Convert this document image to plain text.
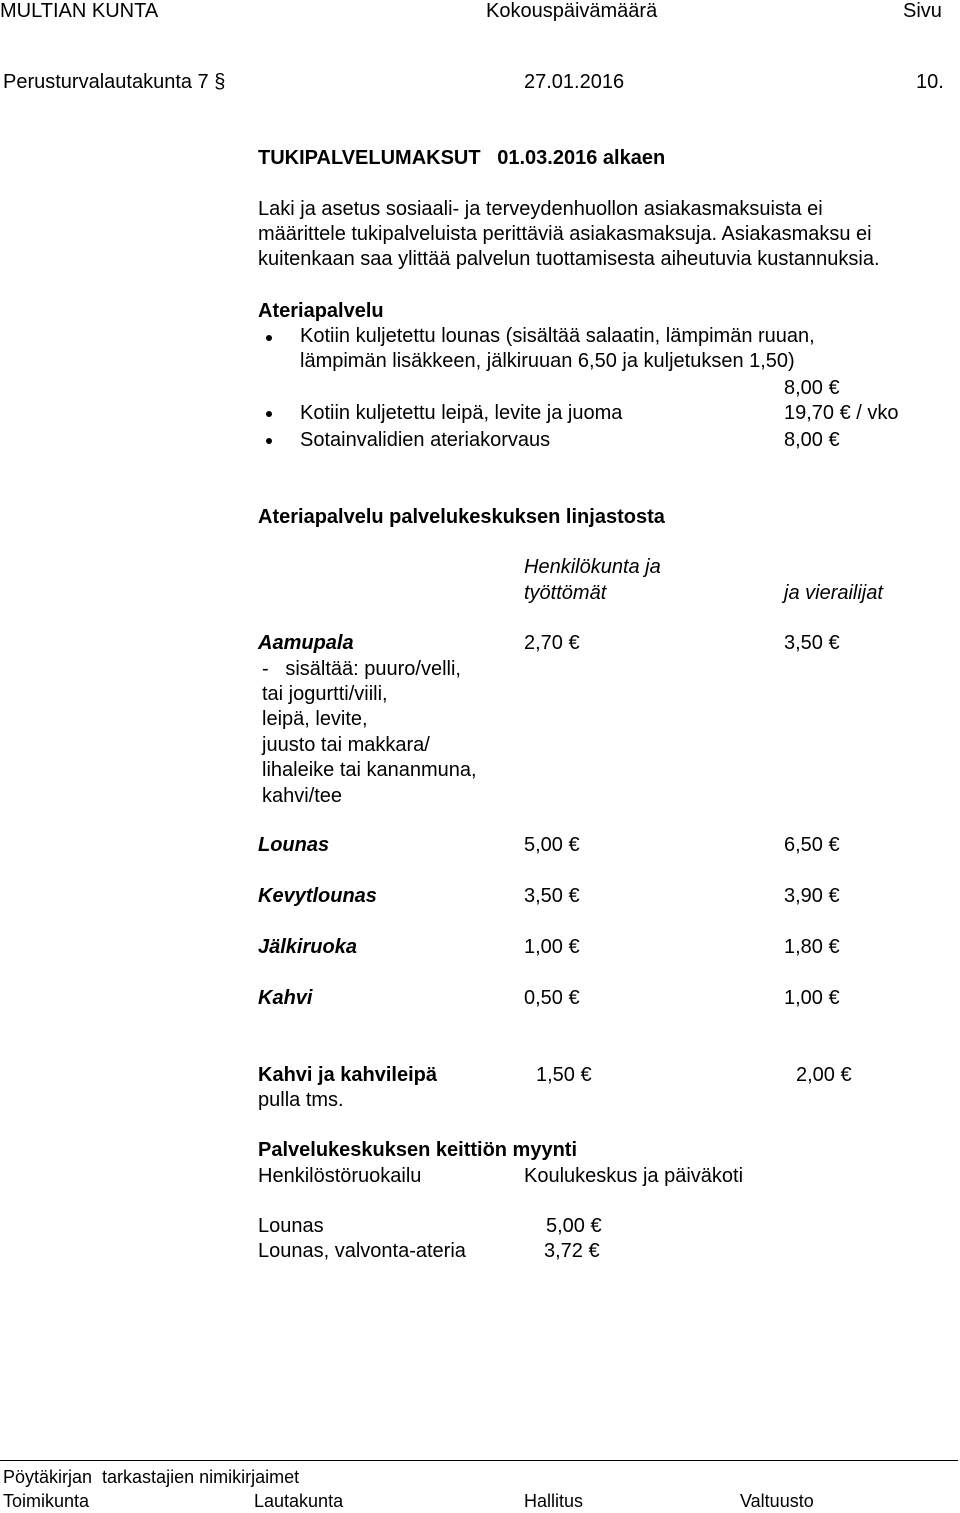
MULTIAN KUNTA	Kokouspäivämäärä	Sivu
Perusturvalautakunta 7 §	27.01.2016	10.
TUKIPALVELUMAKSUT   01.03.2016 alkaen
Laki ja asetus sosiaali- ja terveydenhuollon asiakasmaksuista ei
määrittele tukipalveluista perittäviä asiakasmaksuja. Asiakasmaksu ei
kuitenkaan saa ylittää palvelun tuottamisesta aiheutuvia kustannuksia.
Ateriapalvelu
Kotiin kuljetettu lounas (sisältää salaatin, lämpimän ruuan,
lämpimän lisäkkeen, jälkiruuan 6,50 ja kuljetuksen 1,50)
8,00 €
Kotiin kuljetettu leipä, levite ja juoma	19,70 € / vko
Sotainvalidien ateriakorvaus	8,00 €
Ateriapalvelu palvelukeskuksen linjastosta
Henkilökunta ja
työttömät	ja vierailijat
Aamupala	2,70 €	3,50 €
-   sisältää: puuro/velli,
tai jogurtti/viili,
leipä, levite,
juusto tai makkara/
lihaleike tai kananmuna,
kahvi/tee
Lounas	5,00 €	6,50 €
Kevytlounas	3,50 €	3,90 €
Jälkiruoka	1,00 €	1,80 €
Kahvi	0,50 €	1,00 €
Kahvi ja kahvileipä	1,50 €	2,00 €
pulla tms.
Palvelukeskuksen keittiön myynti
Henkilöstöruokailu	Koulukeskus ja päiväkoti
Lounas	5,00 €
Lounas, valvonta-ateria	3,72 €
Pöytäkirjan  tarkastajien nimikirjaimet
Toimikunta	Lautakunta	Hallitus	Valtuusto
